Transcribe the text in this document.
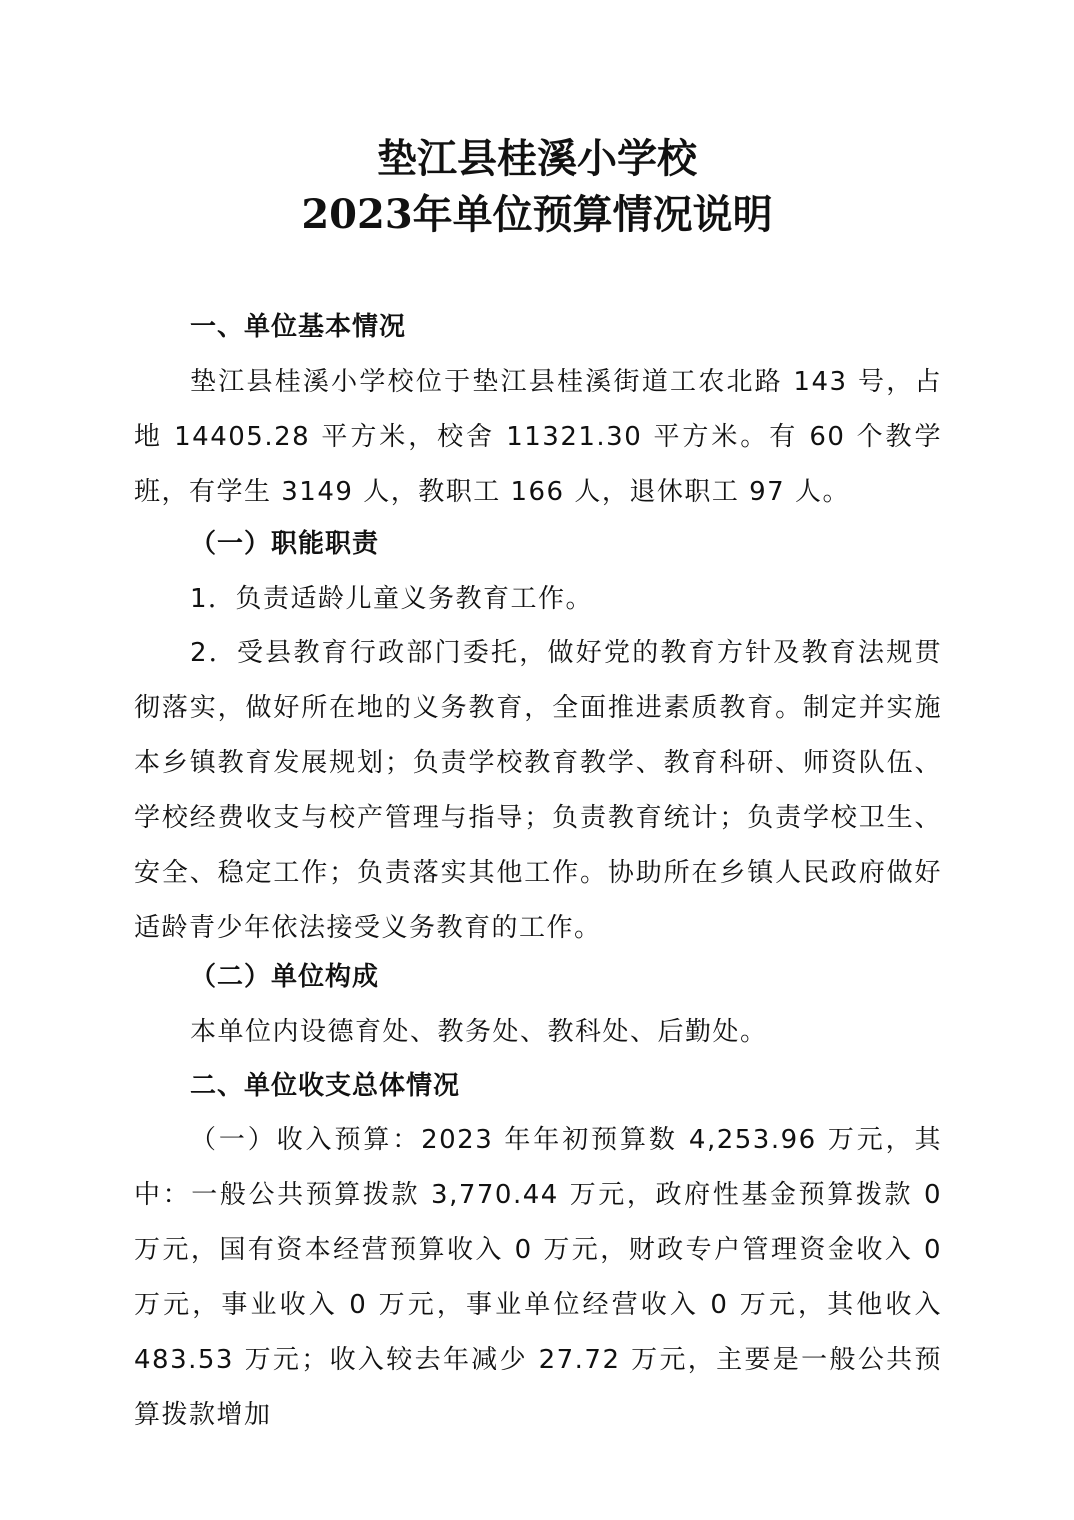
垫江县桂溪小学校
2023年单位预算情况说明
一、单位基本情况
垫江县桂溪小学校位于垫江县桂溪街道工农北路 143 号，占地 14405.28 平方米，校舍 11321.30 平方米。有 60 个教学班，有学生 3149 人，教职工 166 人，退休职工 97 人。
（一）职能职责
1．负责适龄儿童义务教育工作。
2．受县教育行政部门委托，做好党的教育方针及教育法规贯彻落实，做好所在地的义务教育，全面推进素质教育。制定并实施本乡镇教育发展规划；负责学校教育教学、教育科研、师资队伍、学校经费收支与校产管理与指导；负责教育统计；负责学校卫生、安全、稳定工作；负责落实其他工作。协助所在乡镇人民政府做好适龄青少年依法接受义务教育的工作。
（二）单位构成
本单位内设德育处、教务处、教科处、后勤处。
二、单位收支总体情况
（一）收入预算：2023 年年初预算数 4,253.96 万元，其中：一般公共预算拨款 3,770.44 万元，政府性基金预算拨款 0 万元，国有资本经营预算收入 0 万元，财政专户管理资金收入 0 万元，事业收入 0 万元，事业单位经营收入 0 万元，其他收入 483.53 万元；收入较去年减少 27.72 万元，主要是一般公共预算拨款增加
